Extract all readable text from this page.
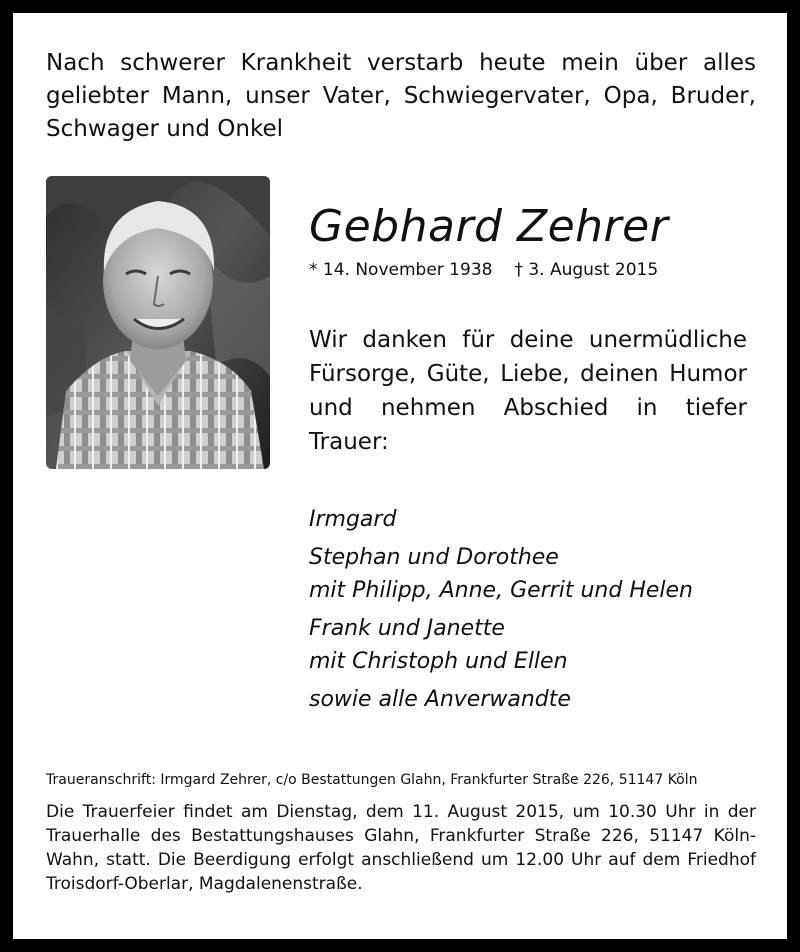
Nach schwerer Krankheit verstarb heute mein über alles geliebter Mann, unser Vater, Schwiegervater, Opa, Bruder, Schwager und Onkel

Gebhard Zehrer
* 14. November 1938 † 3. August 2015

Wir danken für deine unermüdliche Fürsorge, Güte, Liebe, deinen Humor und nehmen Abschied in tiefer Trauer:

Irmgard
Stephan und Dorothee
mit Philipp, Anne, Gerrit und Helen
Frank und Janette
mit Christoph und Ellen
sowie alle Anverwandte
Traueranschrift: Irmgard Zehrer, c/o Bestattungen Glahn, Frankfurter Straße 226, 51147 Köln

Die Trauerfeier findet am Dienstag, dem 11. August 2015, um 10.30 Uhr in der Trauerhalle des Bestattungshauses Glahn, Frankfurter Straße 226, 51147 Köln-Wahn, statt. Die Beerdigung erfolgt anschließend um 12.00 Uhr auf dem Friedhof Troisdorf-Oberlar, Magdalenenstraße.
